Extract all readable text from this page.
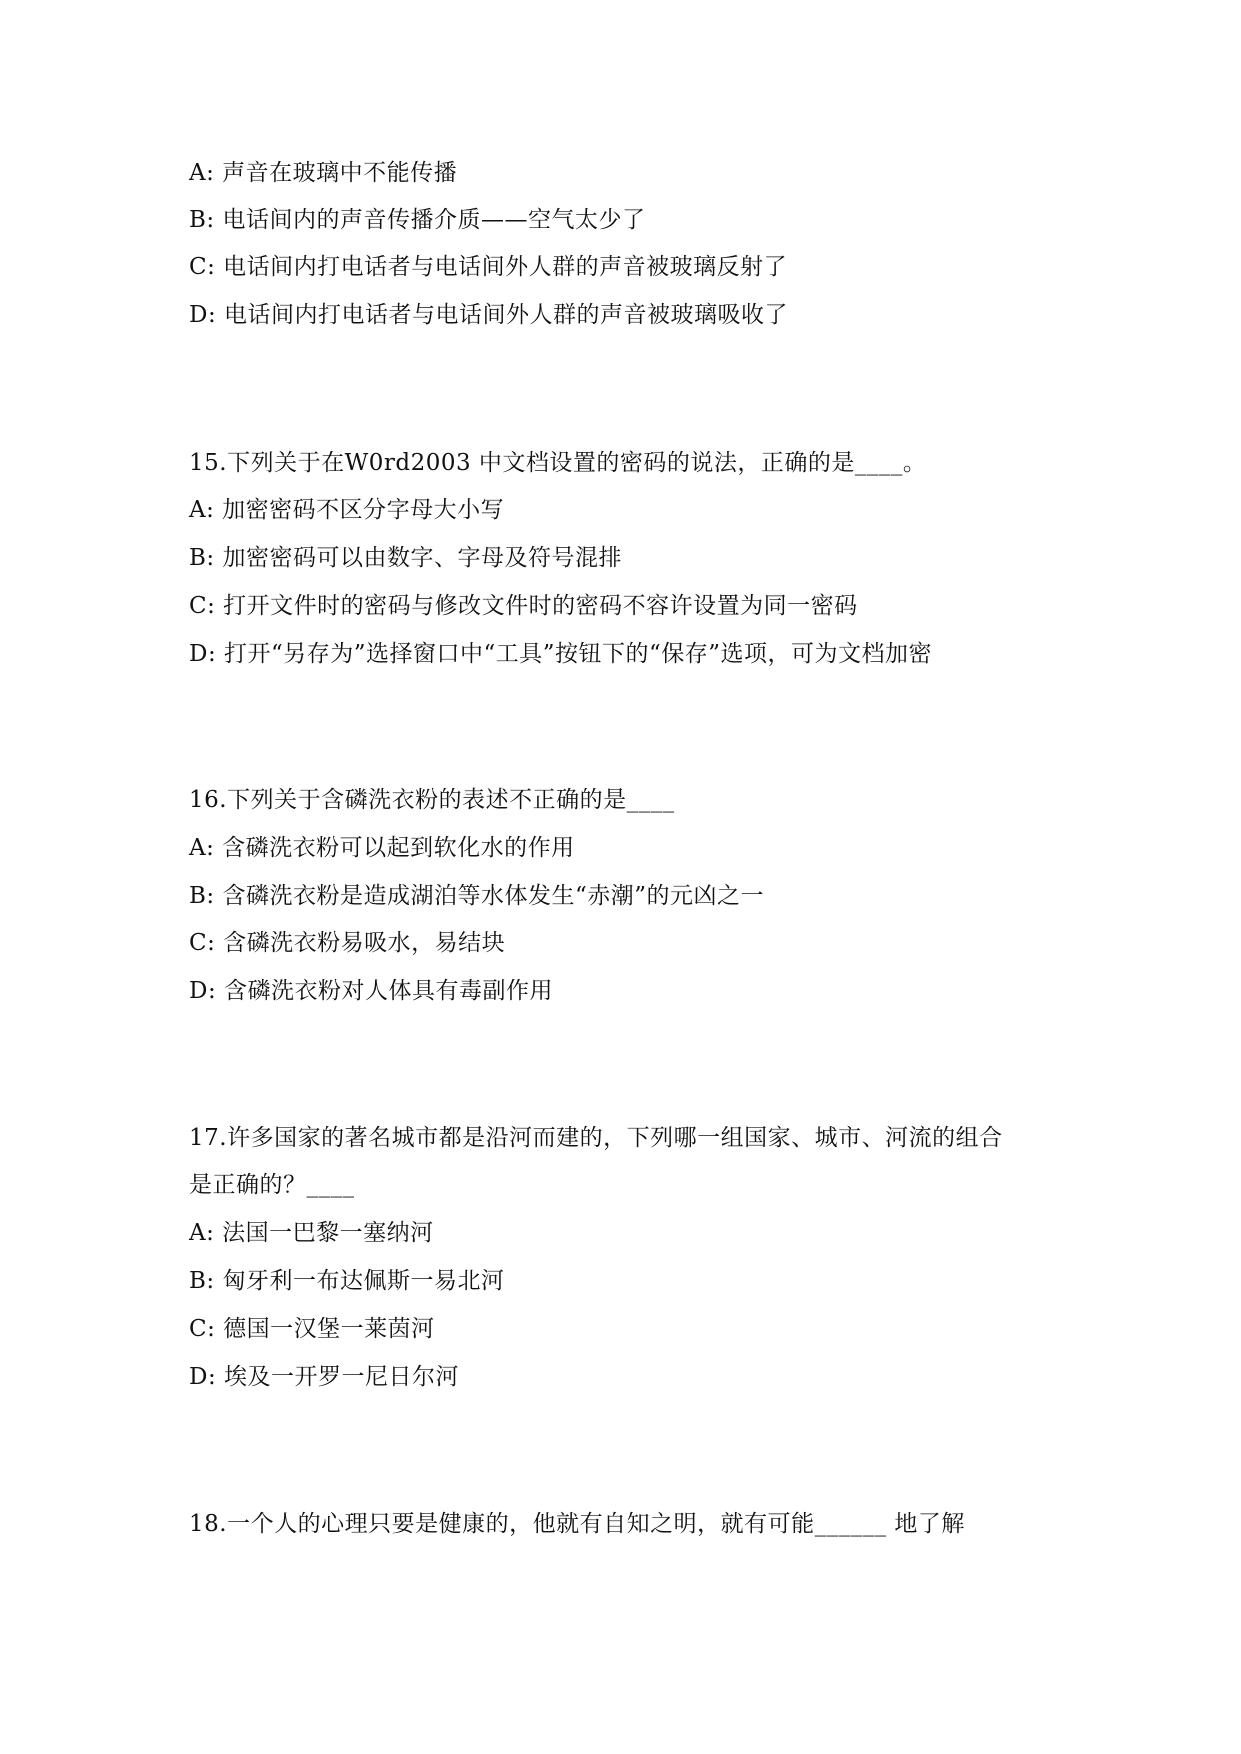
A: 声音在玻璃中不能传播
B: 电话间内的声音传播介质——空气太少了
C: 电话间内打电话者与电话间外人群的声音被玻璃反射了
D: 电话间内打电话者与电话间外人群的声音被玻璃吸收了
15.下列关于在W0rd2003 中文档设置的密码的说法，正确的是____。
A: 加密密码不区分字母大小写
B: 加密密码可以由数字、字母及符号混排
C: 打开文件时的密码与修改文件时的密码不容许设置为同一密码
D: 打开“另存为”选择窗口中“工具”按钮下的“保存”选项，可为文档加密
16.下列关于含磷洗衣粉的表述不正确的是____
A: 含磷洗衣粉可以起到软化水的作用
B: 含磷洗衣粉是造成湖泊等水体发生“赤潮”的元凶之一
C: 含磷洗衣粉易吸水，易结块
D: 含磷洗衣粉对人体具有毒副作用
17.许多国家的著名城市都是沿河而建的，下列哪一组国家、城市、河流的组合
是正确的？____
A: 法国一巴黎一塞纳河
B: 匈牙利一布达佩斯一易北河
C: 德国一汉堡一莱茵河
D: 埃及一开罗一尼日尔河
18.一个人的心理只要是健康的，他就有自知之明，就有可能______ 地了解
